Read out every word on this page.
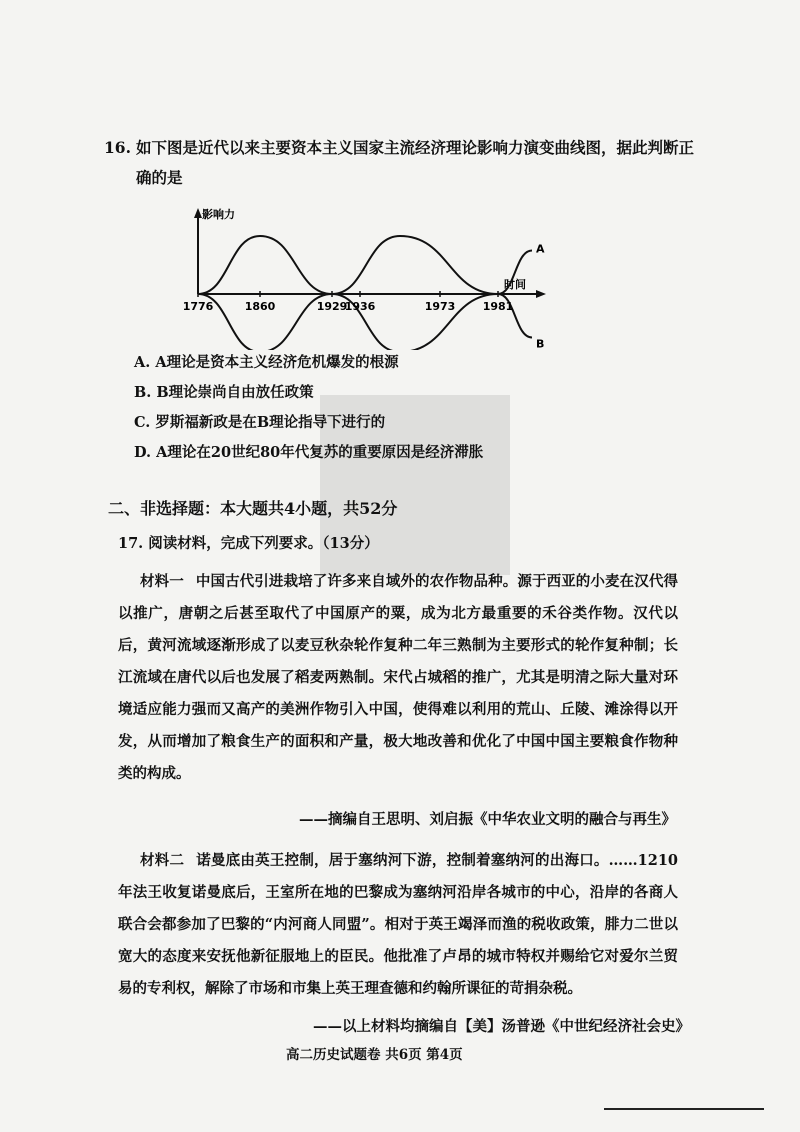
16. 如下图是近代以来主要资本主义国家主流经济理论影响力演变曲线图，据此判断正确的是
影响力
时间
A
B
1776	1860	1929
1936	1973 1981
A. A理论是资本主义经济危机爆发的根源
B. B理论崇尚自由放任政策
C. 罗斯福新政是在B理论指导下进行的
D. A理论在20世纪80年代复苏的重要原因是经济滞胀
二、非选择题：本大题共4小题，共52分
17. 阅读材料，完成下列要求。（13分）
材料一 中国古代引进栽培了许多来自域外的农作物品种。源于西亚的小麦在汉代得以推广，唐朝之后甚至取代了中国原产的粟，成为北方最重要的禾谷类作物。汉代以后，黄河流域逐渐形成了以麦豆秋杂轮作复种二年三熟制为主要形式的轮作复种制；长江流域在唐代以后也发展了稻麦两熟制。宋代占城稻的推广，尤其是明清之际大量对环境适应能力强而又高产的美洲作物引入中国，使得难以利用的荒山、丘陵、滩涂得以开发，从而增加了粮食生产的面积和产量，极大地改善和优化了中国中国主要粮食作物种类的构成。
——摘编自王思明、刘启振《中华农业文明的融合与再生》
材料二 诺曼底由英王控制，居于塞纳河下游，控制着塞纳河的出海口。……1210年法王收复诺曼底后，王室所在地的巴黎成为塞纳河沿岸各城市的中心，沿岸的各商人联合会都参加了巴黎的“内河商人同盟”。相对于英王竭泽而渔的税收政策，腓力二世以宽大的态度来安抚他新征服地上的臣民。他批准了卢昂的城市特权并赐给它对爱尔兰贸易的专利权，解除了市场和市集上英王理查德和约翰所课征的苛捐杂税。
——以上材料均摘编自【美】汤普逊《中世纪经济社会史》
高二历史试题卷 共6页 第4页
